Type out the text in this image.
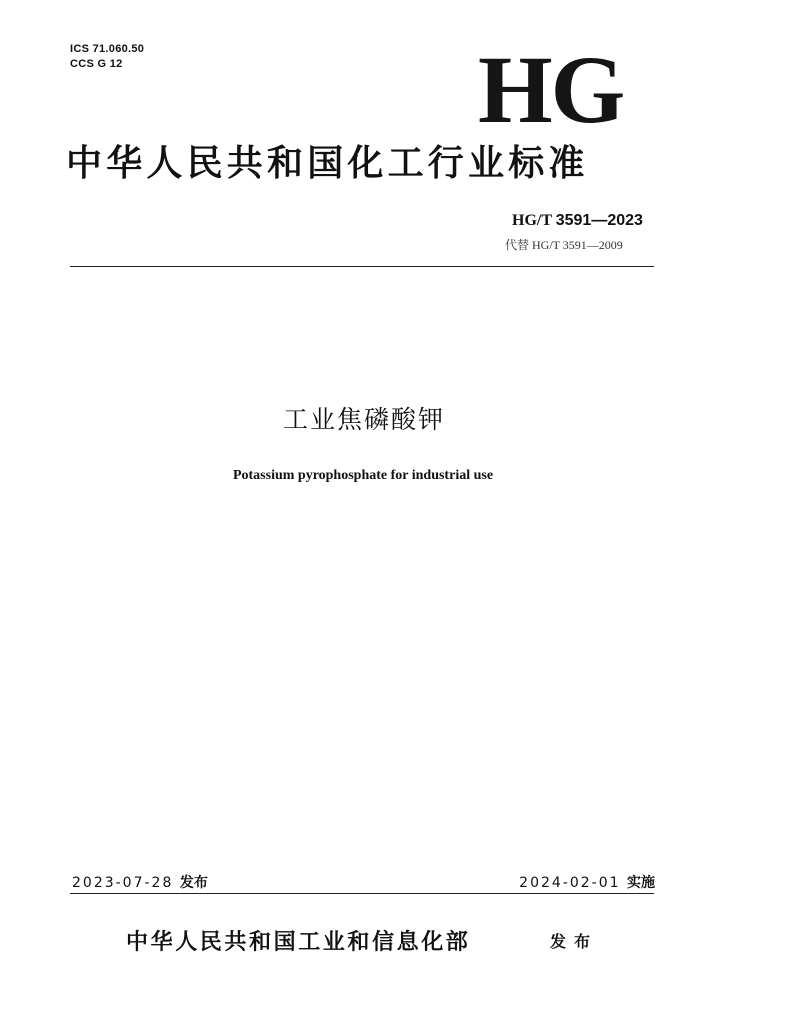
ICS 71.060.50
CCS G 12	HG
中华人民共和国化工行业标准
HG/T 3591—2023
代替 HG/T 3591—2009
工业焦磷酸钾
Potassium pyrophosphate for industrial use
2023-07-28 发布	2024-02-01 实施
中华人民共和国工业和信息化部	发布
